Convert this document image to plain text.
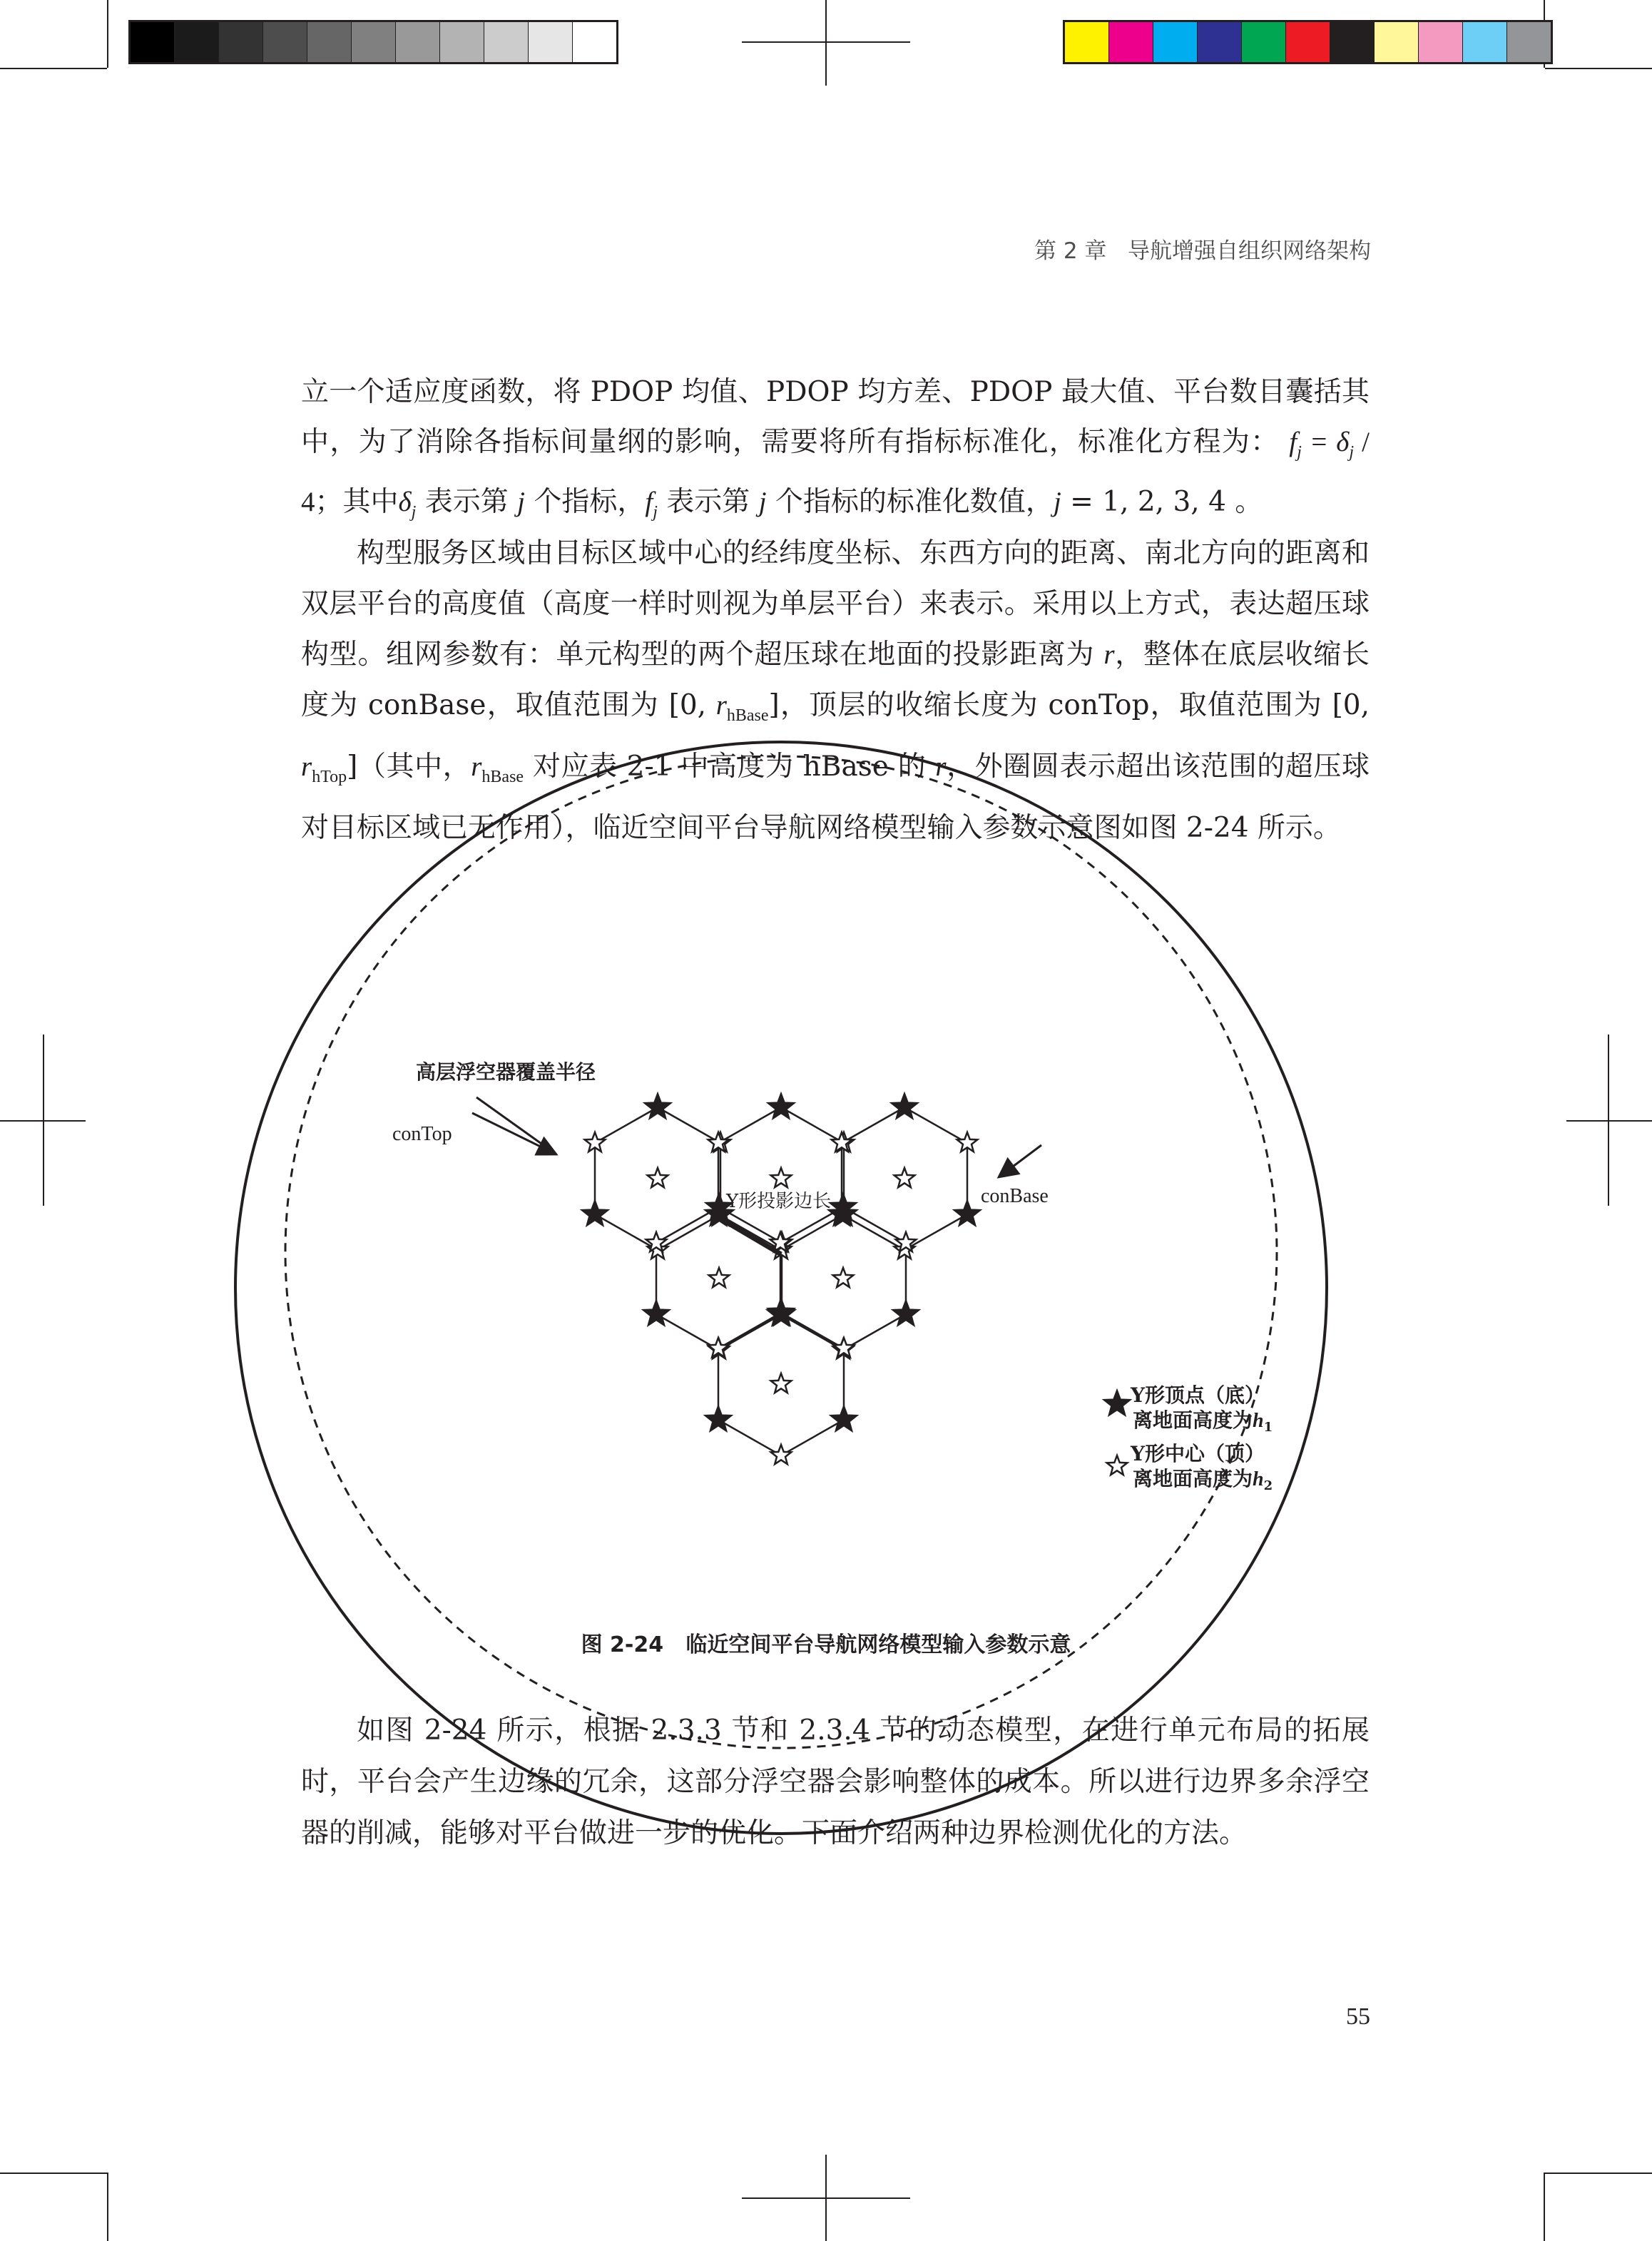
第 2 章 导航增强自组织网络架构

立一个适应度函数，将 PDOP 均值、PDOP 均方差、PDOP 最大值、平台数目囊括其中，为了消除各指标间量纲的影响，需要将所有指标标准化，标准化方程为： $f_j = \delta_j / 4$；其中$\delta_j$ 表示第 j 个指标，$f_j$ 表示第 j 个指标的标准化数值，j = 1, 2, 3, 4 。

构型服务区域由目标区域中心的经纬度坐标、东西方向的距离、南北方向的距离和双层平台的高度值（高度一样时则视为单层平台）来表示。采用以上方式，表达超压球构型。组网参数有：单元构型的两个超压球在地面的投影距离为 r，整体在底层收缩长度为 conBase，取值范围为 [0, $r_{hBase}$]，顶层的收缩长度为 conTop，取值范围为 [0, $r_{hTop}$]（其中，$r_{hBase}$ 对应表 2-1 中高度为 hBase 的 r，外圈圆表示超出该范围的超压球对目标区域已无作用），临近空间平台导航网络模型输入参数示意图如图 2-24 所示。

高层浮空器覆盖半径
conTop
conBase
Y形投影边长
Y形顶点（底）
离地面高度为$h_1$
Y形中心（顶）
离地面高度为$h_2$
图 2-24 临近空间平台导航网络模型输入参数示意

如图 2-24 所示，根据 2.3.3 节和 2.3.4 节的动态模型，在进行单元布局的拓展时，平台会产生边缘的冗余，这部分浮空器会影响整体的成本。所以进行边界多余浮空器的削减，能够对平台做进一步的优化。下面介绍两种边界检测优化的方法。

55
